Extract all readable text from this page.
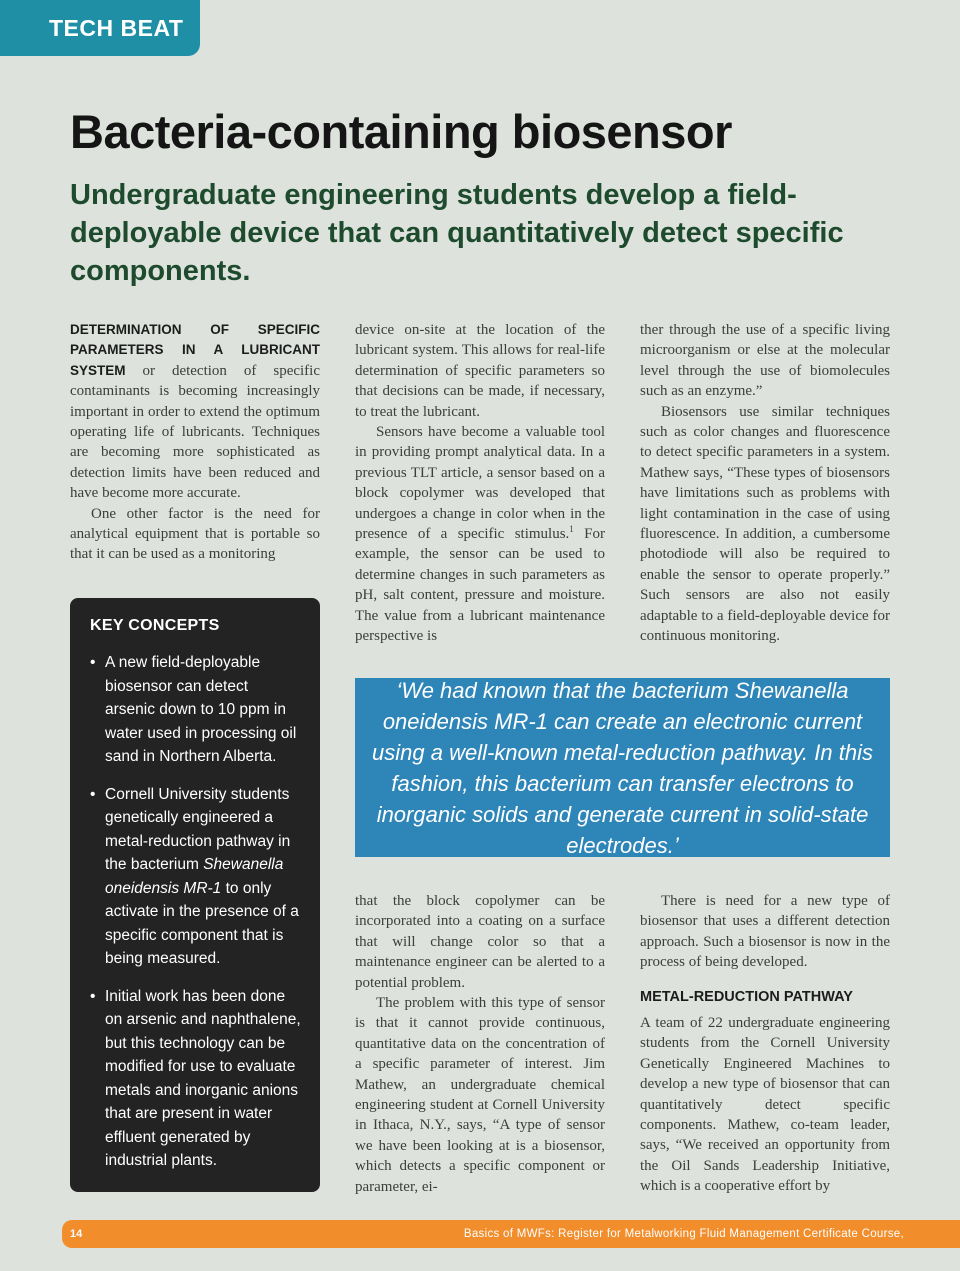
TECH BEAT
Bacteria-containing biosensor
Undergraduate engineering students develop a field-deployable device that can quantitatively detect specific components.

DETERMINATION OF SPECIFIC PARAMETERS IN A LUBRICANT SYSTEM or detection of specific contaminants is becoming increasingly important in order to extend the optimum operating life of lubricants. Techniques are becoming more sophisticated as detection limits have been reduced and have become more accurate.

One other factor is the need for analytical equipment that is portable so that it can be used as a monitoring

KEY CONCEPTS
• A new field-deployable biosensor can detect arsenic down to 10 ppm in water used in processing oil sand in Northern Alberta.
• Cornell University students genetically engineered a metal-reduction pathway in the bacterium Shewanella oneidensis MR-1 to only activate in the presence of a specific component that is being measured.
• Initial work has been done on arsenic and naphthalene, but this technology can be modified for use to evaluate metals and inorganic anions that are present in water effluent generated by industrial plants.

device on-site at the location of the lubricant system. This allows for real-life determination of specific parameters so that decisions can be made, if necessary, to treat the lubricant.

Sensors have become a valuable tool in providing prompt analytical data. In a previous TLT article, a sensor based on a block copolymer was developed that undergoes a change in color when in the presence of a specific stimulus.$^1$ For example, the sensor can be used to determine changes in such parameters as pH, salt content, pressure and moisture. The value from a lubricant maintenance perspective is

ther through the use of a specific living microorganism or else at the molecular level through the use of biomolecules such as an enzyme.”

Biosensors use similar techniques such as color changes and fluorescence to detect specific parameters in a system. Mathew says, “These types of biosensors have limitations such as problems with light contamination in the case of using fluorescence. In addition, a cumbersome photodiode will also be required to enable the sensor to operate properly.” Such sensors are also not easily adaptable to a field-deployable device for continuous monitoring.

‘We had known that the bacterium Shewanella oneidensis MR-1 can create an electronic current using a well-known metal-reduction pathway. In this fashion, this bacterium can transfer electrons to inorganic solids and generate current in solid-state electrodes.’

that the block copolymer can be incorporated into a coating on a surface that will change color so that a maintenance engineer can be alerted to a potential problem.

The problem with this type of sensor is that it cannot provide continuous, quantitative data on the concentration of a specific parameter of interest. Jim Mathew, an undergraduate chemical engineering student at Cornell University in Ithaca, N.Y., says, “A type of sensor we have been looking at is a biosensor, which detects a specific component or parameter, ei-

There is need for a new type of biosensor that uses a different detection approach. Such a biosensor is now in the process of being developed.

METAL-REDUCTION PATHWAY

A team of 22 undergraduate engineering students from the Cornell University Genetically Engineered Machines to develop a new type of biosensor that can quantitatively detect specific components. Mathew, co-team leader, says, “We received an opportunity from the Oil Sands Leadership Initiative, which is a cooperative effort by

14	Basics of MWFs: Register for Metalworking Fluid Management Certificate Course,
